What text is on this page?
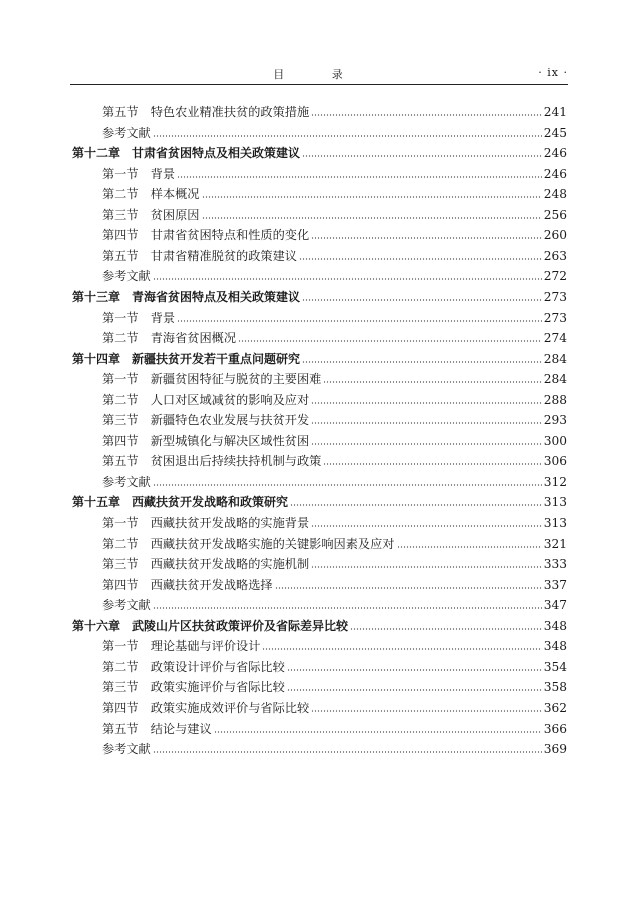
目 录	· ix ·
第五节　特色农业精准扶贫的政策措施	241
参考文献	245
第十二章　甘肃省贫困特点及相关政策建议	246
第一节　背景	246
第二节　样本概况	248
第三节　贫困原因	256
第四节　甘肃省贫困特点和性质的变化	260
第五节　甘肃省精准脱贫的政策建议	263
参考文献	272
第十三章　青海省贫困特点及相关政策建议	273
第一节　背景	273
第二节　青海省贫困概况	274
第十四章　新疆扶贫开发若干重点问题研究	284
第一节　新疆贫困特征与脱贫的主要困难	284
第二节　人口对区域减贫的影响及应对	288
第三节　新疆特色农业发展与扶贫开发	293
第四节　新型城镇化与解决区域性贫困	300
第五节　贫困退出后持续扶持机制与政策	306
参考文献	312
第十五章　西藏扶贫开发战略和政策研究	313
第一节　西藏扶贫开发战略的实施背景	313
第二节　西藏扶贫开发战略实施的关键影响因素及应对	321
第三节　西藏扶贫开发战略的实施机制	333
第四节　西藏扶贫开发战略选择	337
参考文献	347
第十六章　武陵山片区扶贫政策评价及省际差异比较	348
第一节　理论基础与评价设计	348
第二节　政策设计评价与省际比较	354
第三节　政策实施评价与省际比较	358
第四节　政策实施成效评价与省际比较	362
第五节　结论与建议	366
参考文献	369
